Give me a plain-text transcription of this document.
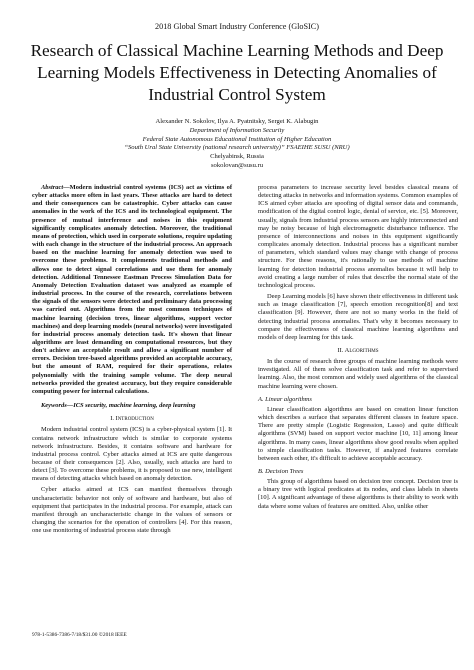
2018 Global Smart Industry Conference (GloSIC)
Research of Classical Machine Learning Methods and Deep Learning Models Effectiveness in Detecting Anomalies of Industrial Control System
Alexander N. Sokolov, Ilya A. Pyatnitsky, Sergei K. Alabugin
Department of Information Security
Federal State Autonomous Educational Institution of Higher Education
“South Ural State University (national research university)” FSAEIHE SUSU (NRU)
Chelyabinsk, Russia
sokolovan@susu.ru

Abstract—Modern industrial control systems (ICS) act as victims of cyber attacks more often in last years. These attacks are hard to detect and their consequences can be catastrophic. Cyber attacks can cause anomalies in the work of the ICS and its technological equipment. The presence of mutual interference and noises in this equipment significantly complicates anomaly detection. Moreover, the traditional means of protection, which used in corporate solutions, require updating with each change in the structure of the industrial process. An approach based on the machine learning for anomaly detection was used to overcome these problems. It complements traditional methods and allows one to detect signal correlations and use them for anomaly detection. Additional Tennessee Eastman Process Simulation Data for Anomaly Detection Evaluation dataset was analyzed as example of industrial process. In the course of the research, correlations between the signals of the sensors were detected and preliminary data processing was carried out. Algorithms from the most common techniques of machine learning (decision trees, linear algorithms, support vector machines) and deep learning models (neural networks) were investigated for industrial process anomaly detection task. It's shown that linear algorithms are least demanding on computational resources, but they don't achieve an acceptable result and allow a significant number of errors. Decision tree-based algorithms provided an acceptable accuracy, but the amount of RAM, required for their operations, relates polynomially with the training sample volume. The deep neural networks provided the greatest accuracy, but they require considerable computing power for internal calculations.

Keywords—ICS security, machine learning, deep learning

I. Introduction

Modern industrial control system (ICS) is a cyber-physical system [1]. It contains network infrastructure which is similar to corporate systems network infrastructure. Besides, it contains software and hardware for industrial process control. Cyber attacks aimed at ICS are quite dangerous because of their consequences [2]. Also, usually, such attacks are hard to detect [3]. To overcome these problems, it is proposed to use new, intelligent means of detecting attacks which based on anomaly detection.

Cyber attacks aimed at ICS can manifest themselves through uncharacteristic behavior not only of software and hardware, but also of equipment that participates in the industrial process. For example, attack can manifest through an uncharacteristic change in the values of sensors or changing the scenarios for the operation of controllers [4]. For this reason, one use monitoring of industrial process state through

process parameters to increase security level besides classical means of detecting attacks in networks and information systems. Common examples of ICS aimed cyber attacks are spoofing of digital sensor data and commands, modification of the digital control logic, denial of service, etc. [5]. Moreover, usually, signals from industrial process sensors are highly interconnected and may be noisy because of high electromagnetic disturbance influence. The presence of interconnections and noises in this equipment significantly complicates anomaly detection. Industrial process has a significant number of parameters, which standard values may change with change of process structure. For these reasons, it's rationally to use methods of machine learning for detection industrial process anomalies because it will help to avoid creating a large number of rules that describe the normal state of the technological process.

Deep Learning models [6] have shown their effectiveness in different task such as image classification [7], speech emotion recognition[8] and text classification [9]. However, there are not so many works in the field of detecting industrial process anomalies. That's why it becomes necessary to compare the effectiveness of classical machine learning algorithms and models of deep learning for this task.

II. Algorithms

In the course of research three groups of machine learning methods were investigated. All of them solve classification task and refer to supervised learning. Also, the most common and widely used algorithms of the classical machine learning were chosen.

A. Linear algorithms

Linear classification algorithms are based on creation linear function which describes a surface that separates different classes in feature space. There are pretty simple (Logistic Regression, Lasso) and quite difficult algorithms (SVM) based on support vector machine [10, 11] among linear algorithms. In many cases, linear algorithms show good results when applied to simple classification tasks. However, if analyzed features correlate between each other, it's difficult to achieve acceptable accuracy.

B. Decision Trees

This group of algorithms based on decision tree concept. Decision tree is a binary tree with logical predicates at its nodes, and class labels in sheets [10]. A significant advantage of these algorithms is their ability to work with data where some values of features are omitted. Also, unlike other

978-1-5386-7386-7/18/$31.00 ©2018 IEEE
